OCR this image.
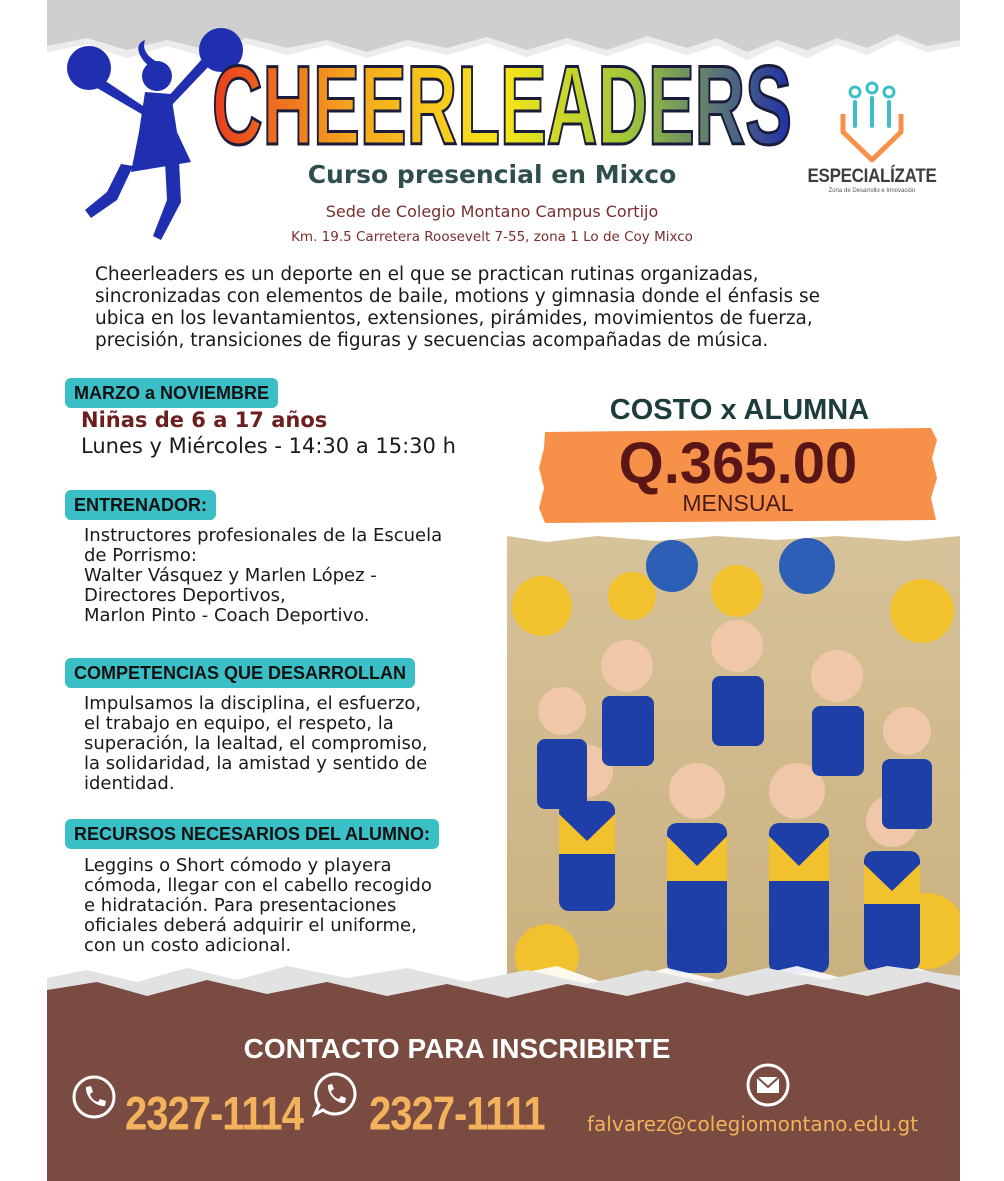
CHEERLEADERS
ESPECIALÍZATE
Zona de Desarrollo e Innovación
Curso presencial en Mixco
Sede de Colegio Montano Campus Cortijo
Km. 19.5 Carretera Roosevelt 7-55, zona 1 Lo de Coy Mixco
Cheerleaders es un deporte en el que se practican rutinas organizadas,
sincronizadas con elementos de baile, motions y gimnasia donde el énfasis se
ubica en los levantamientos, extensiones, pirámides, movimientos de fuerza,
precisión, transiciones de figuras y secuencias acompañadas de música.
MARZO a NOVIEMBRE
Niñas de 6 a 17 años
Lunes y Miércoles - 14:30 a 15:30 h
ENTRENADOR:
Instructores profesionales de la Escuela
de Porrismo:
Walter Vásquez y Marlen López -
Directores Deportivos,
Marlon Pinto - Coach Deportivo.
COMPETENCIAS QUE DESARROLLAN
Impulsamos la disciplina, el esfuerzo,
el trabajo en equipo, el respeto, la
superación, la lealtad, el compromiso,
la solidaridad, la amistad y sentido de
identidad.
RECURSOS NECESARIOS DEL ALUMNO:
Leggins o Short cómodo y playera
cómoda, llegar con el cabello recogido
e hidratación. Para presentaciones
oficiales deberá adquirir el uniforme,
con un costo adicional.
COSTO x ALUMNA
Q.365.00
MENSUAL
CONTACTO PARA INSCRIBIRTE
2327-1114 2327-1111 falvarez@colegiomontano.edu.gt
